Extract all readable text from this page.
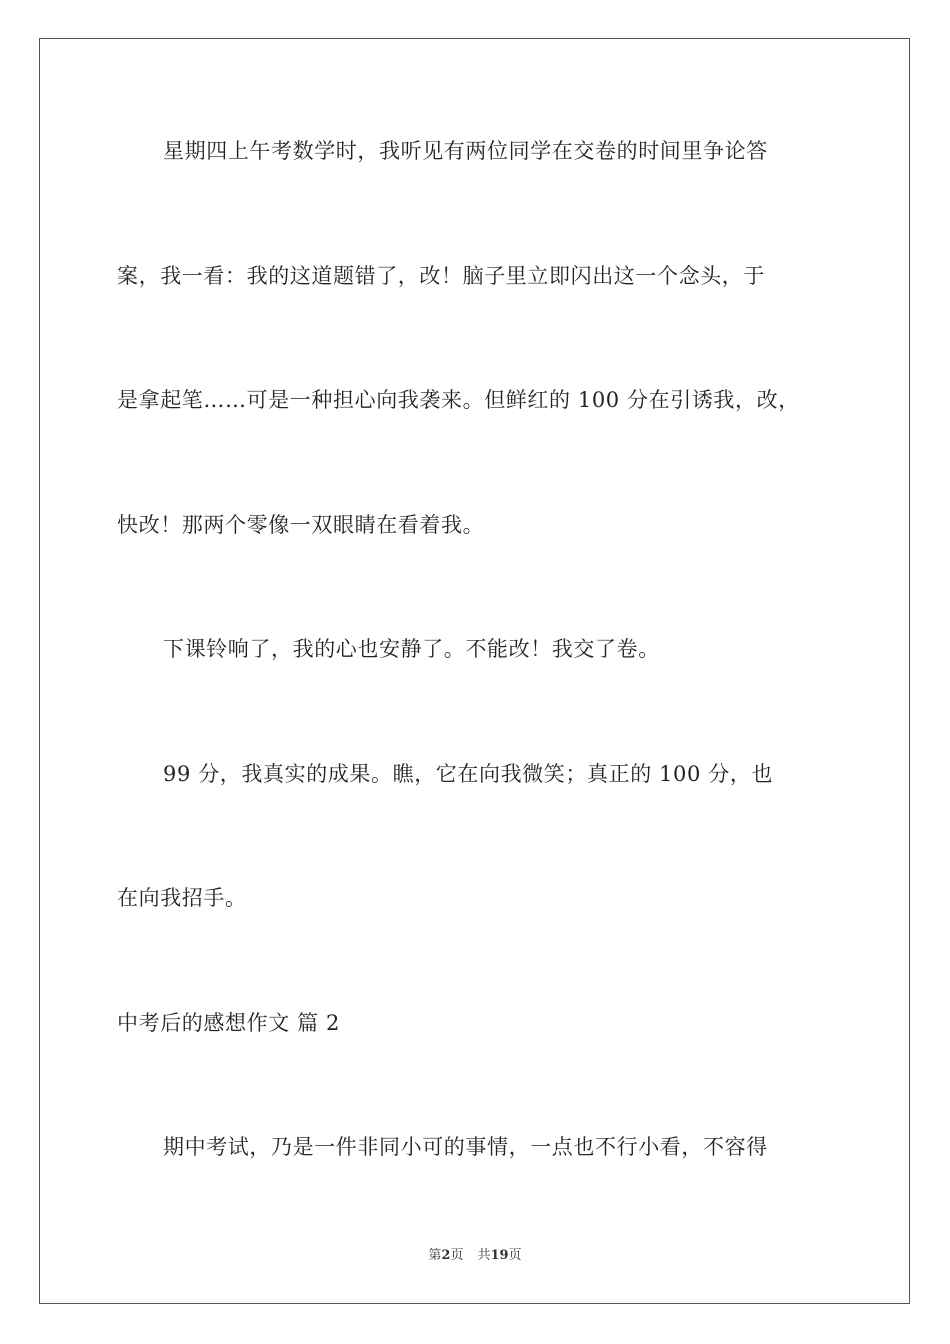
星期四上午考数学时，我听见有两位同学在交卷的时间里争论答
案，我一看：我的这道题错了，改！脑子里立即闪出这一个念头，于
是拿起笔……可是一种担心向我袭来。但鲜红的 100 分在引诱我，改，
快改！那两个零像一双眼睛在看着我。
下课铃响了，我的心也安静了。不能改！我交了卷。
99 分，我真实的成果。瞧，它在向我微笑；真正的 100 分，也
在向我招手。
中考后的感想作文 篇 2
期中考试，乃是一件非同小可的事情，一点也不行小看，不容得
第2页 共19页
